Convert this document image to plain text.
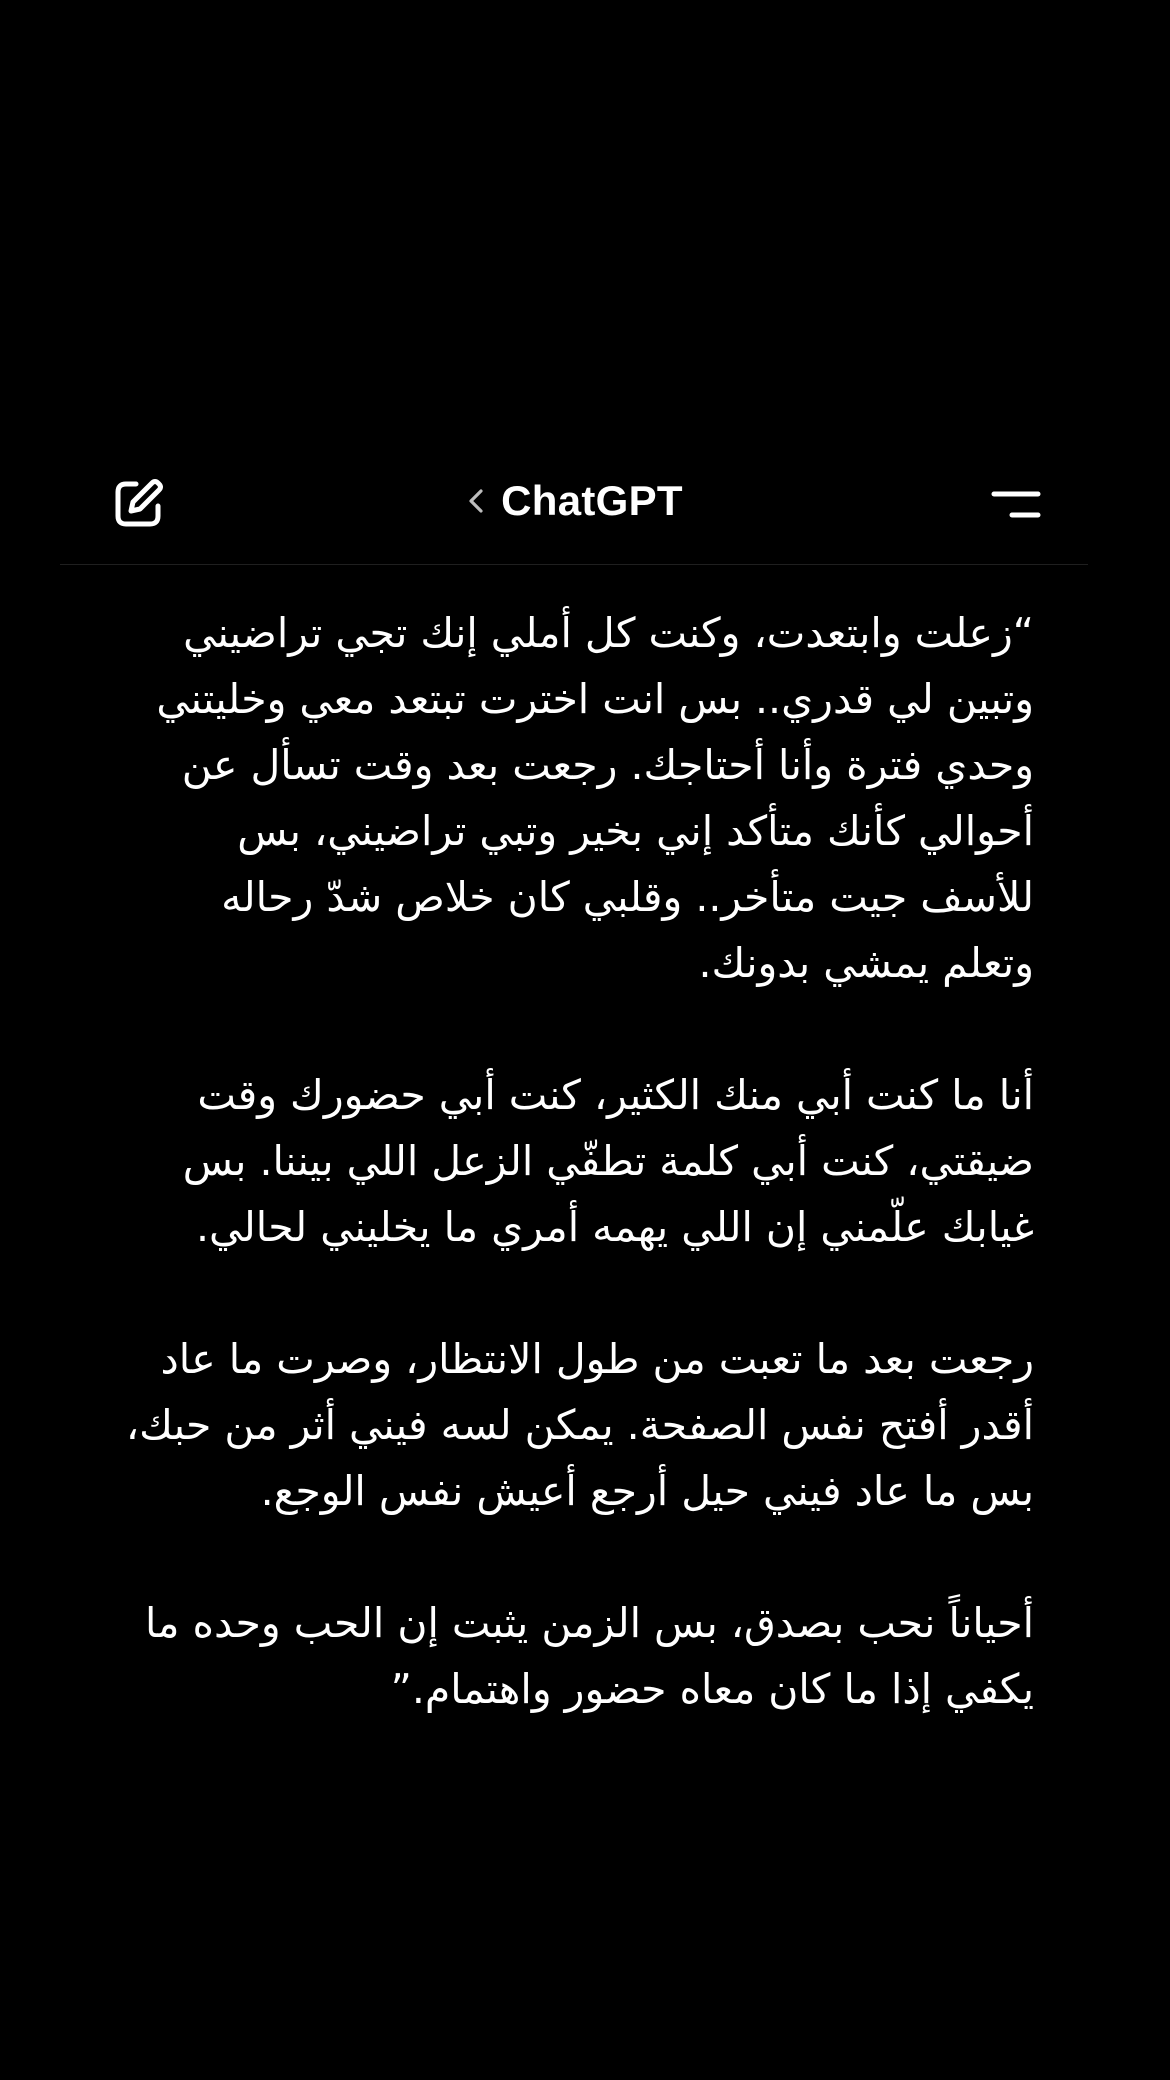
ChatGPT

“زعلت وابتعدت، وكنت كل أملي إنك تجي تراضيني وتبين لي قدري.. بس انت اخترت تبتعد معي وخليتني وحدي فترة وأنا أحتاجك. رجعت بعد وقت تسأل عن أحوالي كأنك متأكد إني بخير وتبي تراضيني، بس للأسف جيت متأخر.. وقلبي كان خلاص شدّ رحاله وتعلم يمشي بدونك.

أنا ما كنت أبي منك الكثير، كنت أبي حضورك وقت ضيقتي، كنت أبي كلمة تطفّي الزعل اللي بيننا. بس غيابك علّمني إن اللي يهمه أمري ما يخليني لحالي.

رجعت بعد ما تعبت من طول الانتظار، وصرت ما عاد أقدر أفتح نفس الصفحة. يمكن لسه فيني أثر من حبك، بس ما عاد فيني حيل أرجع أعيش نفس الوجع.

أحياناً نحب بصدق، بس الزمن يثبت إن الحب وحده ما يكفي إذا ما كان معاه حضور واهتمام.”
